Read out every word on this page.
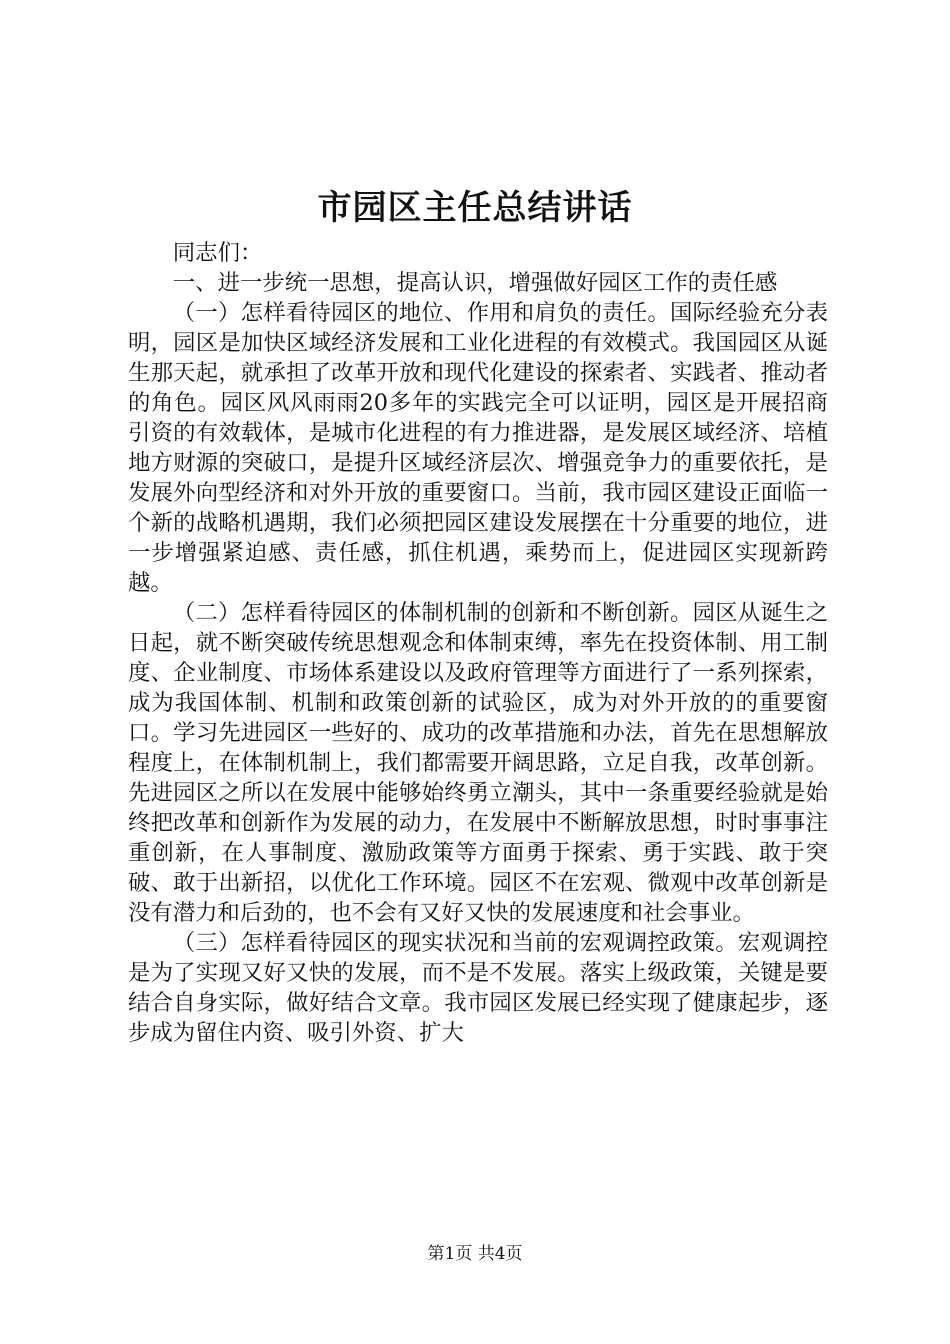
市园区主任总结讲话

同志们：

一、进一步统一思想，提高认识，增强做好园区工作的责任感

（一）怎样看待园区的地位、作用和肩负的责任。国际经验充分表明，园区是加快区域经济发展和工业化进程的有效模式。我国园区从诞生那天起，就承担了改革开放和现代化建设的探索者、实践者、推动者的角色。园区风风雨雨20多年的实践完全可以证明，园区是开展招商引资的有效载体，是城市化进程的有力推进器，是发展区域经济、培植地方财源的突破口，是提升区域经济层次、增强竞争力的重要依托，是发展外向型经济和对外开放的重要窗口。当前，我市园区建设正面临一个新的战略机遇期，我们必须把园区建设发展摆在十分重要的地位，进一步增强紧迫感、责任感，抓住机遇，乘势而上，促进园区实现新跨越。

（二）怎样看待园区的体制机制的创新和不断创新。园区从诞生之日起，就不断突破传统思想观念和体制束缚，率先在投资体制、用工制度、企业制度、市场体系建设以及政府管理等方面进行了一系列探索，成为我国体制、机制和政策创新的试验区，成为对外开放的的重要窗口。学习先进园区一些好的、成功的改革措施和办法，首先在思想解放程度上，在体制机制上，我们都需要开阔思路，立足自我，改革创新。先进园区之所以在发展中能够始终勇立潮头，其中一条重要经验就是始终把改革和创新作为发展的动力，在发展中不断解放思想，时时事事注重创新，在人事制度、激励政策等方面勇于探索、勇于实践、敢于突破、敢于出新招，以优化工作环境。园区不在宏观、微观中改革创新是没有潜力和后劲的，也不会有又好又快的发展速度和社会事业。

（三）怎样看待园区的现实状况和当前的宏观调控政策。宏观调控是为了实现又好又快的发展，而不是不发展。落实上级政策，关键是要结合自身实际，做好结合文章。我市园区发展已经实现了健康起步，逐步成为留住内资、吸引外资、扩大

第1页 共4页
